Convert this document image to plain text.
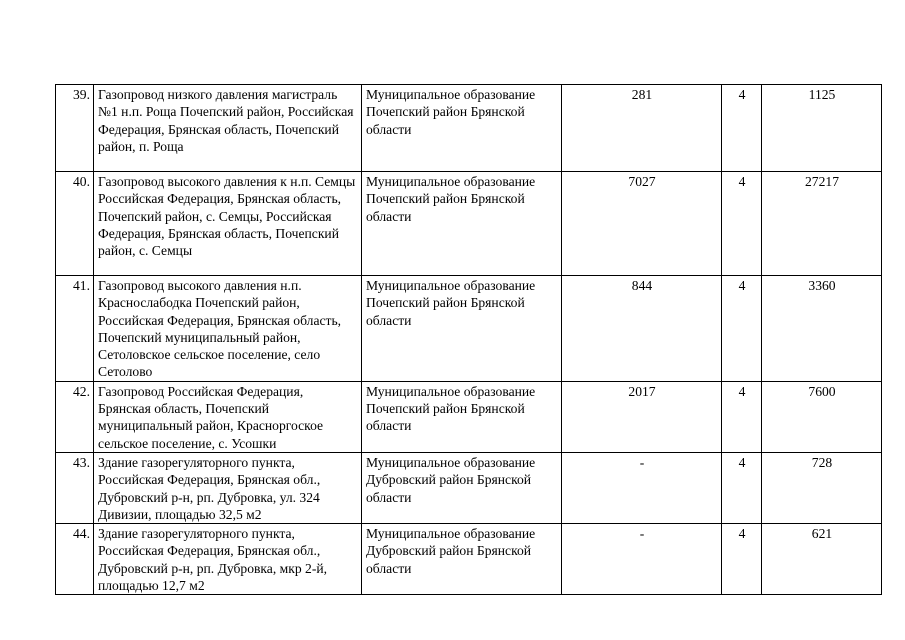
39.	Газопровод низкого давления магистраль №1 н.п. Роща Почепский район, Российская Федерация, Брянская область, Почепский район, п. Роща	Муниципальное образование Почепский район Брянской области	281	4	1125
40.	Газопровод высокого давления к н.п. Семцы Российская Федерация, Брянская область, Почепский район, с. Семцы, Российская Федерация, Брянская область, Почепский район, с. Семцы	Муниципальное образование Почепский район Брянской области	7027	4	27217
41.	Газопровод высокого давления н.п. Краснослабодка Почепский район, Российская Федерация, Брянская область, Почепский муниципальный район, Сетоловское сельское поселение, село Сетолово	Муниципальное образование Почепский район Брянской области	844	4	3360
42.	Газопровод Российская Федерация, Брянская область, Почепский муниципальный район, Красноргоское сельское поселение, с. Усошки	Муниципальное образование Почепский район Брянской области	2017	4	7600
43.	Здание газорегуляторного пункта, Российская Федерация, Брянская обл., Дубровский р-н, рп. Дубровка, ул. 324 Дивизии, площадью 32,5 м2	Муниципальное образование Дубровский район Брянской области	-	4	728
44.	Здание газорегуляторного пункта, Российская Федерация, Брянская обл., Дубровский р-н, рп. Дубровка, мкр 2-й, площадью 12,7 м2	Муниципальное образование Дубровский район Брянской области	-	4	621
